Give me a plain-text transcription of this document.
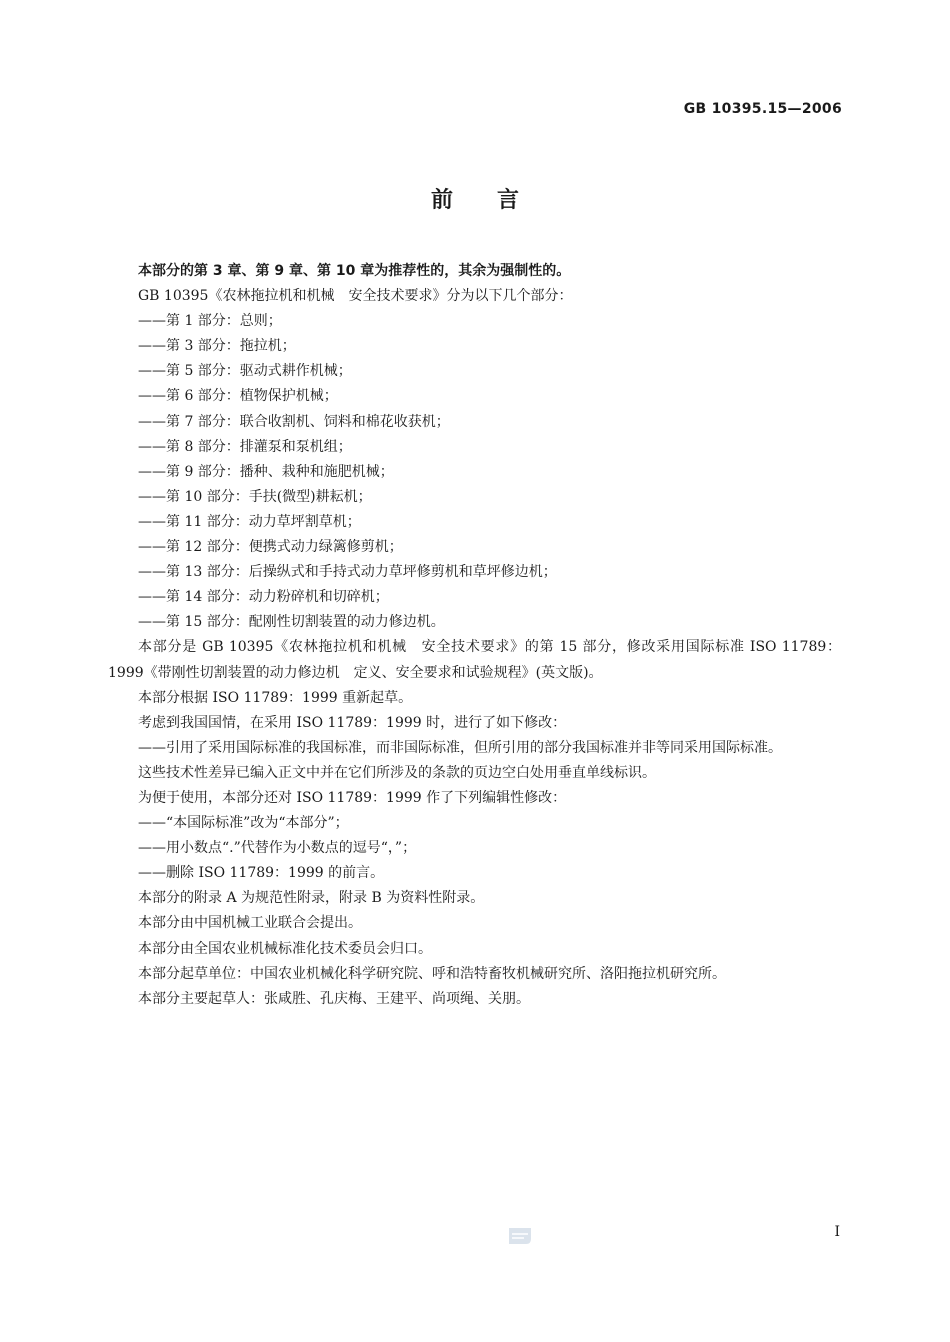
GB 10395.15—2006
前言

本部分的第 3 章、第 9 章、第 10 章为推荐性的，其余为强制性的。

GB 10395《农林拖拉机和机械　安全技术要求》分为以下几个部分：

——第 1 部分：总则；

——第 3 部分：拖拉机；

——第 5 部分：驱动式耕作机械；

——第 6 部分：植物保护机械；

——第 7 部分：联合收割机、饲料和棉花收获机；

——第 8 部分：排灌泵和泵机组；

——第 9 部分：播种、栽种和施肥机械；

——第 10 部分：手扶(微型)耕耘机；

——第 11 部分：动力草坪割草机；

——第 12 部分：便携式动力绿篱修剪机；

——第 13 部分：后操纵式和手持式动力草坪修剪机和草坪修边机；

——第 14 部分：动力粉碎机和切碎机；

——第 15 部分：配刚性切割装置的动力修边机。

本部分是 GB 10395《农林拖拉机和机械　安全技术要求》的第 15 部分，修改采用国际标准 ISO 11789：1999《带刚性切割装置的动力修边机　定义、安全要求和试验规程》(英文版)。

本部分根据 ISO 11789：1999 重新起草。

考虑到我国国情，在采用 ISO 11789：1999 时，进行了如下修改：

——引用了采用国际标准的我国标准，而非国际标准，但所引用的部分我国标准并非等同采用国际标准。

这些技术性差异已编入正文中并在它们所涉及的条款的页边空白处用垂直单线标识。

为便于使用，本部分还对 ISO 11789：1999 作了下列编辑性修改：

——“本国际标准”改为“本部分”；

——用小数点“.”代替作为小数点的逗号“，”；

——删除 ISO 11789：1999 的前言。

本部分的附录 A 为规范性附录，附录 B 为资料性附录。

本部分由中国机械工业联合会提出。

本部分由全国农业机械标准化技术委员会归口。

本部分起草单位：中国农业机械化科学研究院、呼和浩特畜牧机械研究所、洛阳拖拉机研究所。

本部分主要起草人：张咸胜、孔庆梅、王建平、尚项绳、关朋。

I
